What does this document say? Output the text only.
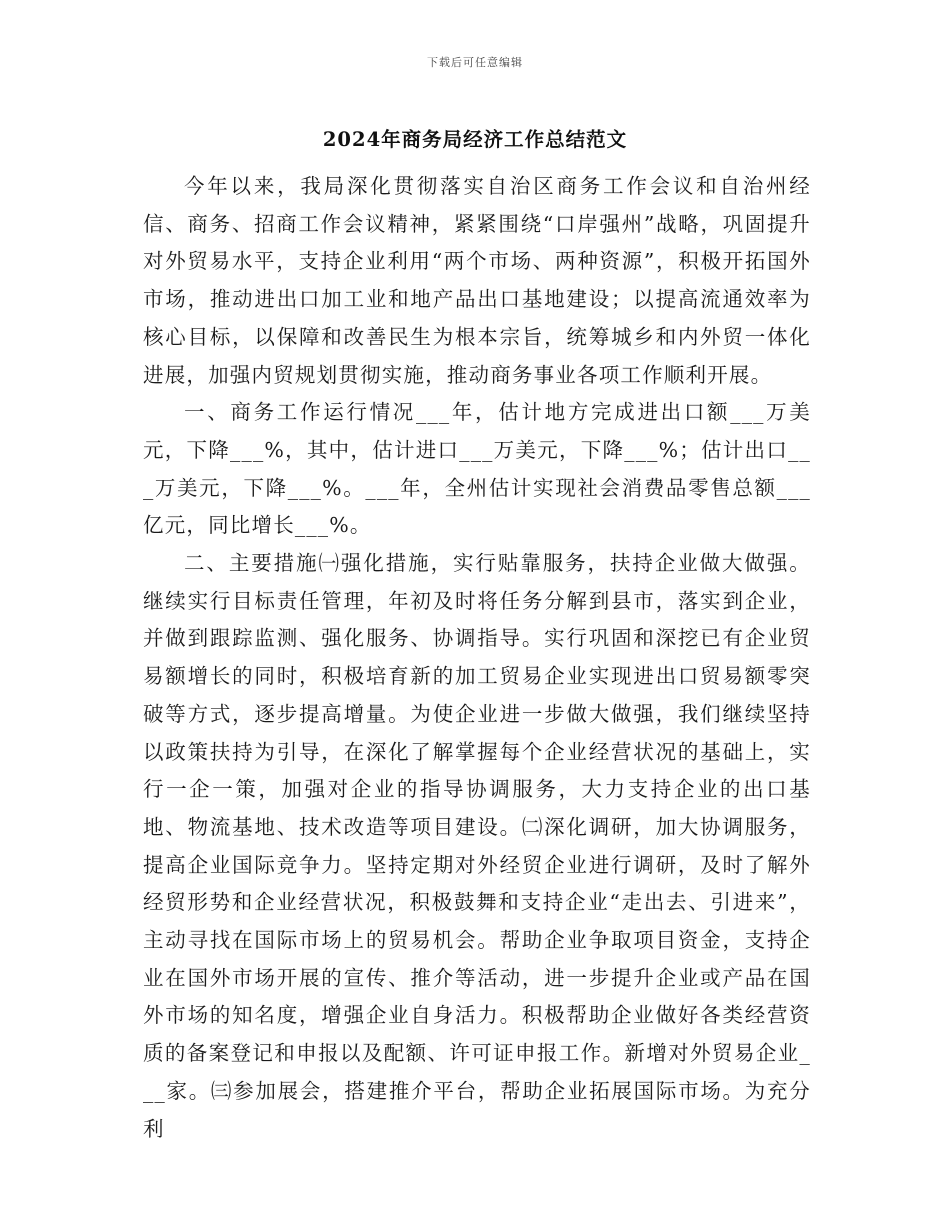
下载后可任意编辑
2024年商务局经济工作总结范文

今年以来，我局深化贯彻落实自治区商务工作会议和自治州经信、商务、招商工作会议精神，紧紧围绕“口岸强州”战略，巩固提升对外贸易水平，支持企业利用“两个市场、两种资源”，积极开拓国外市场，推动进出口加工业和地产品出口基地建设；以提高流通效率为核心目标，以保障和改善民生为根本宗旨，统筹城乡和内外贸一体化进展，加强内贸规划贯彻实施，推动商务事业各项工作顺利开展。

一、商务工作运行情况___年，估计地方完成进出口额___万美元，下降___%，其中，估计进口___万美元，下降___%；估计出口___万美元，下降___%。___年，全州估计实现社会消费品零售总额___亿元，同比增长___%。

二、主要措施㈠强化措施，实行贴靠服务，扶持企业做大做强。继续实行目标责任管理，年初及时将任务分解到县市，落实到企业，并做到跟踪监测、强化服务、协调指导。实行巩固和深挖已有企业贸易额增长的同时，积极培育新的加工贸易企业实现进出口贸易额零突破等方式，逐步提高增量。为使企业进一步做大做强，我们继续坚持以政策扶持为引导，在深化了解掌握每个企业经营状况的基础上，实行一企一策，加强对企业的指导协调服务，大力支持企业的出口基地、物流基地、技术改造等项目建设。㈡深化调研，加大协调服务，提高企业国际竞争力。坚持定期对外经贸企业进行调研，及时了解外经贸形势和企业经营状况，积极鼓舞和支持企业“走出去、引进来”，主动寻找在国际市场上的贸易机会。帮助企业争取项目资金，支持企业在国外市场开展的宣传、推介等活动，进一步提升企业或产品在国外市场的知名度，增强企业自身活力。积极帮助企业做好各类经营资质的备案登记和申报以及配额、许可证申报工作。新增对外贸易企业___家。㈢参加展会，搭建推介平台，帮助企业拓展国际市场。为充分利
